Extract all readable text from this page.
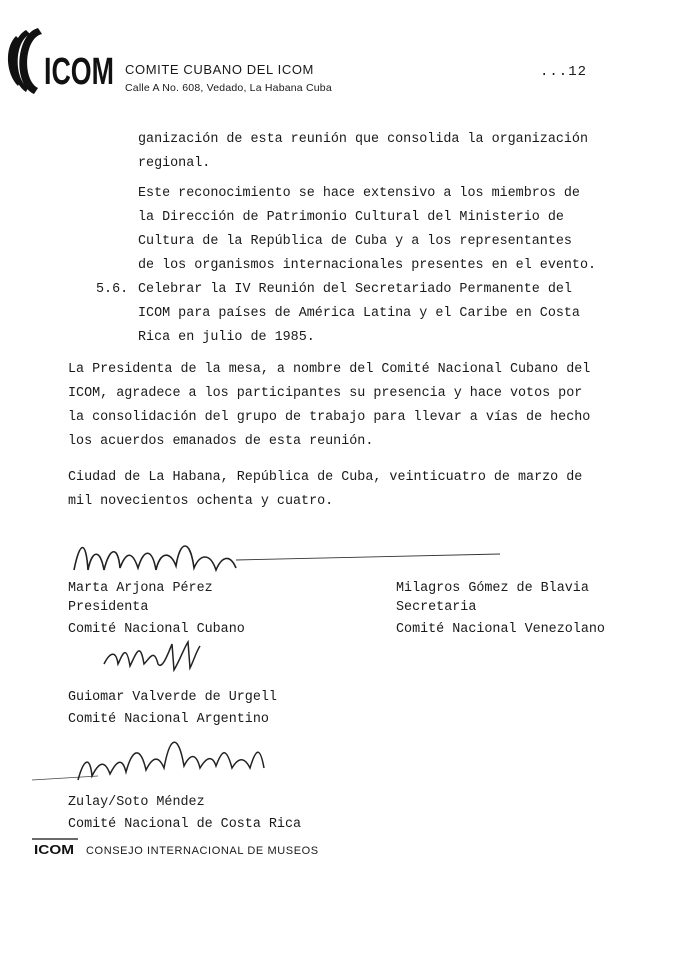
ICOM COMITE CUBANO DEL ICOM
Calle A No. 608, Vedado, La Habana Cuba
...12
ganización de esta reunión que consolida la organización
regional.
Este reconocimiento se hace extensivo a los miembros de
la Dirección de Patrimonio Cultural del Ministerio de
Cultura de la República de Cuba y a los representantes
de los organismos internacionales presentes en el evento.
5.6. Celebrar la IV Reunión del Secretariado Permanente del
ICOM para países de América Latina y el Caribe en Costa
Rica en julio de 1985.
La Presidenta de la mesa, a nombre del Comité Nacional Cubano del
ICOM, agradece a los participantes su presencia y hace votos por
la consolidación del grupo de trabajo para llevar a vías de hecho
los acuerdos emanados de esta reunión.
Ciudad de La Habana, República de Cuba, veinticuatro de marzo de
mil novecientos ochenta y cuatro.
Marta Arjona Pérez
Presidenta
Comité Nacional Cubano
Milagros Gómez de Blavia
Secretaria
Comité Nacional Venezolano
Guiomar Valverde de Urgell
Comité Nacional Argentino
Zulay/Soto Méndez
Comité Nacional de Costa Rica
ICOM CONSEJO INTERNACIONAL DE MUSEOS
